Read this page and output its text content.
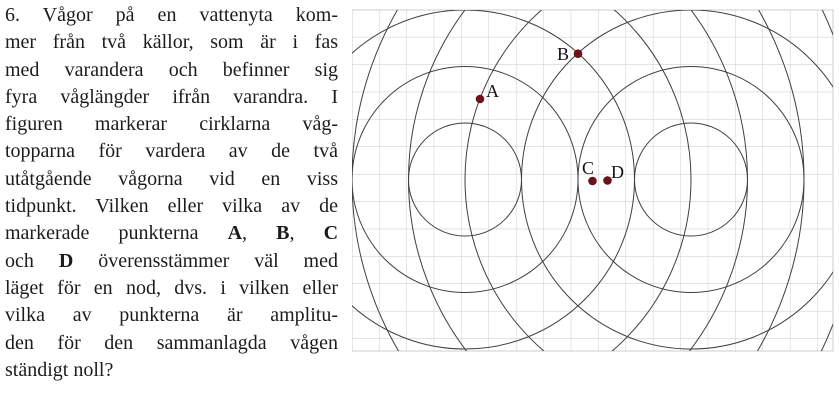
6. Vågor på en vattenyta kom-
mer från två källor, som är i fas
med varandera och befinner sig
fyra våglängder ifrån varandra. I
figuren markerar cirklarna våg-
topparna för vardera av de två
utåtgående vågorna vid en viss
tidpunkt. Vilken eller vilka av de
markerade punkterna A, B, C
och D överensstämmer väl med
läget för en nod, dvs. i vilken eller
vilka av punkterna är amplitu-
den för den sammanlagda vågen
ständigt noll?
A
B
C D
